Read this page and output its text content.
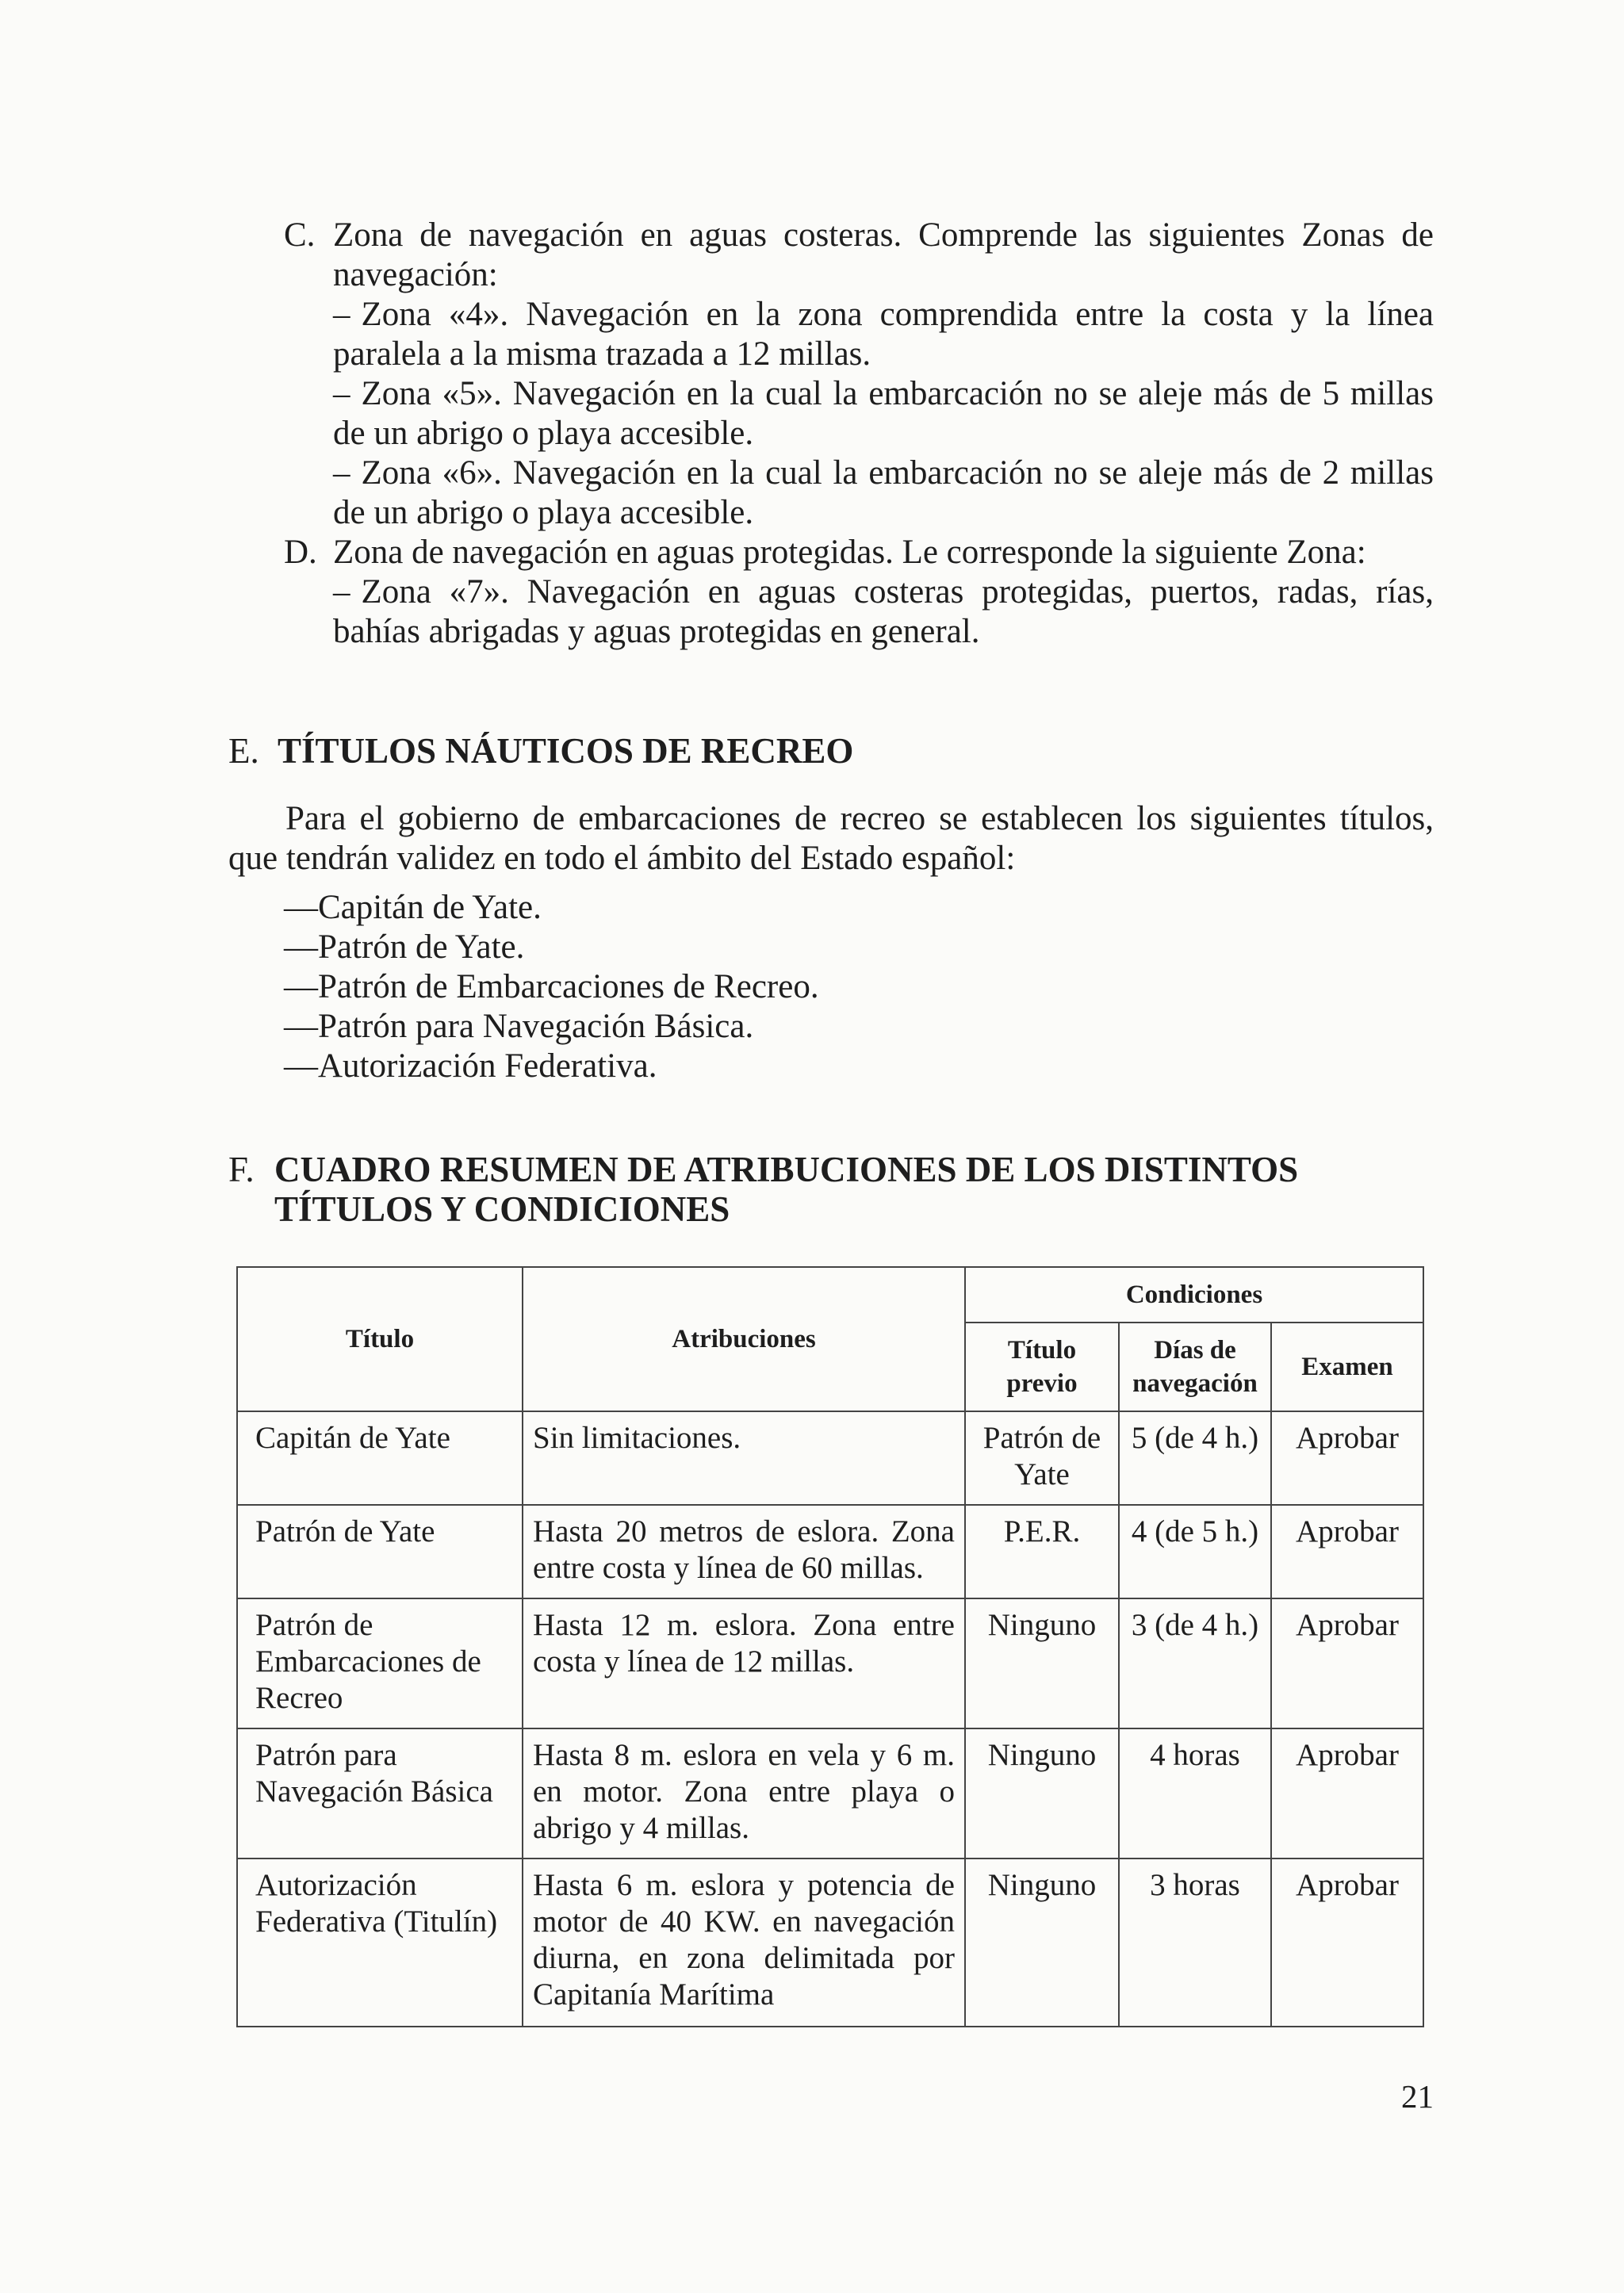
C. Zona de navegación en aguas costeras. Comprende las siguientes Zonas de navegación:
– Zona «4». Navegación en la zona comprendida entre la costa y la línea paralela a la misma trazada a 12 millas.
– Zona «5». Navegación en la cual la embarcación no se aleje más de 5 millas de un abrigo o playa accesible.
– Zona «6». Navegación en la cual la embarcación no se aleje más de 2 millas de un abrigo o playa accesible.
D. Zona de navegación en aguas protegidas. Le corresponde la siguiente Zona:
– Zona «7». Navegación en aguas costeras protegidas, puertos, radas, rías, bahías abrigadas y aguas protegidas en general.
E. TÍTULOS NÁUTICOS DE RECREO
Para el gobierno de embarcaciones de recreo se establecen los siguientes títulos, que tendrán validez en todo el ámbito del Estado español:
—Capitán de Yate.
—Patrón de Yate.
—Patrón de Embarcaciones de Recreo.
—Patrón para Navegación Básica.
—Autorización Federativa.
F. CUADRO RESUMEN DE ATRIBUCIONES DE LOS DISTINTOS
TÍTULOS Y CONDICIONES
Título	Atribuciones	Condiciones		
		Título previo	Días de navegación	Examen
Capitán de Yate	Sin limitaciones.	Patrón de Yate	5 (de 4 h.)	Aprobar
Patrón de Yate	Hasta 20 metros de eslora. Zona entre costa y línea de 60 millas.	P.E.R.	4 (de 5 h.)	Aprobar
Patrón de Embarcaciones de Recreo	Hasta 12 m. eslora. Zona entre costa y línea de 12 millas.	Ninguno	3 (de 4 h.)	Aprobar
Patrón para Navegación Básica	Hasta 8 m. eslora en vela y 6 m. en motor. Zona entre playa o abrigo y 4 millas.	Ninguno	4 horas	Aprobar
Autorización Federativa (Titulín)	Hasta 6 m. eslora y potencia de motor de 40 KW. en navegación diurna, en zona delimitada por Capitanía Marítima	Ninguno	3 horas	Aprobar
21
